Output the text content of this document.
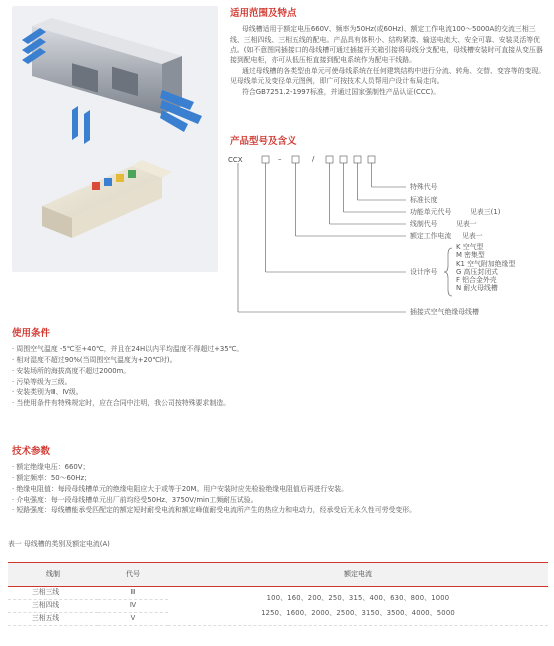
适用范围及特点
母线槽适用于额定电压660V、频率为50Hz(或60Hz)、额定工作电流100～5000A的交流三相三线、三相四线、三相五线的配电。产品具有体积小、结构紧凑、输送电流大、安全可靠、安装灵活等优点。(如不意图同插接口的母线槽可通过插接开关箱引接将母线分支配电，母线槽安装时可直接从变压器接到配电柜，亦可从低压柜直接到配电系统作为配电干线路。
通过母线槽的各类型由单元可使母线系统在任何建筑结构中进行分流、转角、交替、变容等的变现。见母线单元及变径单元图例，即广可按技术人员帮用户设计布局走向。
符合GB7251.2-1997标准，并通过国家强制性产品认证(CCC)。
产品型号及含义
CCX	–	/
特殊代号
标准长度
功能单元代号	见表三(1)
线制代号	见表一
额定工作电流 见表一
设计序号
插接式空气绝缘母线槽
K 空气型
M 密集型
K1 空气附加绝缘型
G 高压封闭式
F 铝合金外壳
N 耐火母线槽
使用条件
· 周围空气温度 -5℃至+40℃，并且在24H以内平均温度不得超过+35℃。
· 相对湿度不超过90%(当周围空气温度为+20℃时)。
· 安装场所的海拔高度不超过2000m。
· 污染等级为三级。
· 安装类别为Ⅲ、Ⅳ级。
· 当使用条件有特殊规定时，应在合同中注明，我公司按特殊要求制造。
技术参数
· 额定绝缘电压：660V；
· 额定频率：50～60Hz；
· 绝缘电阻值：每段母线槽单元的绝缘电阻应大于或等于20M。用户安装时应先检验绝缘电阻值后再进行安装。
· 介电强度：每一段母线槽单元出厂前均经受50Hz、3750V/min工频耐压试验。
· 短路强度：母线槽能承受匹配定的额定短时耐受电流和额定峰值耐受电流所产生的热应力和电动力，经承受后无永久性可劳受变形。
表一 母线槽的类别及额定电流(A)
线制	代号	额定电流
三相三线	Ⅲ	100、160、200、250、315、400、630、800、1000
1250、1600、2000、2500、3150、3500、4000、5000

三相四线	Ⅳ	
三相五线	Ⅴ	
